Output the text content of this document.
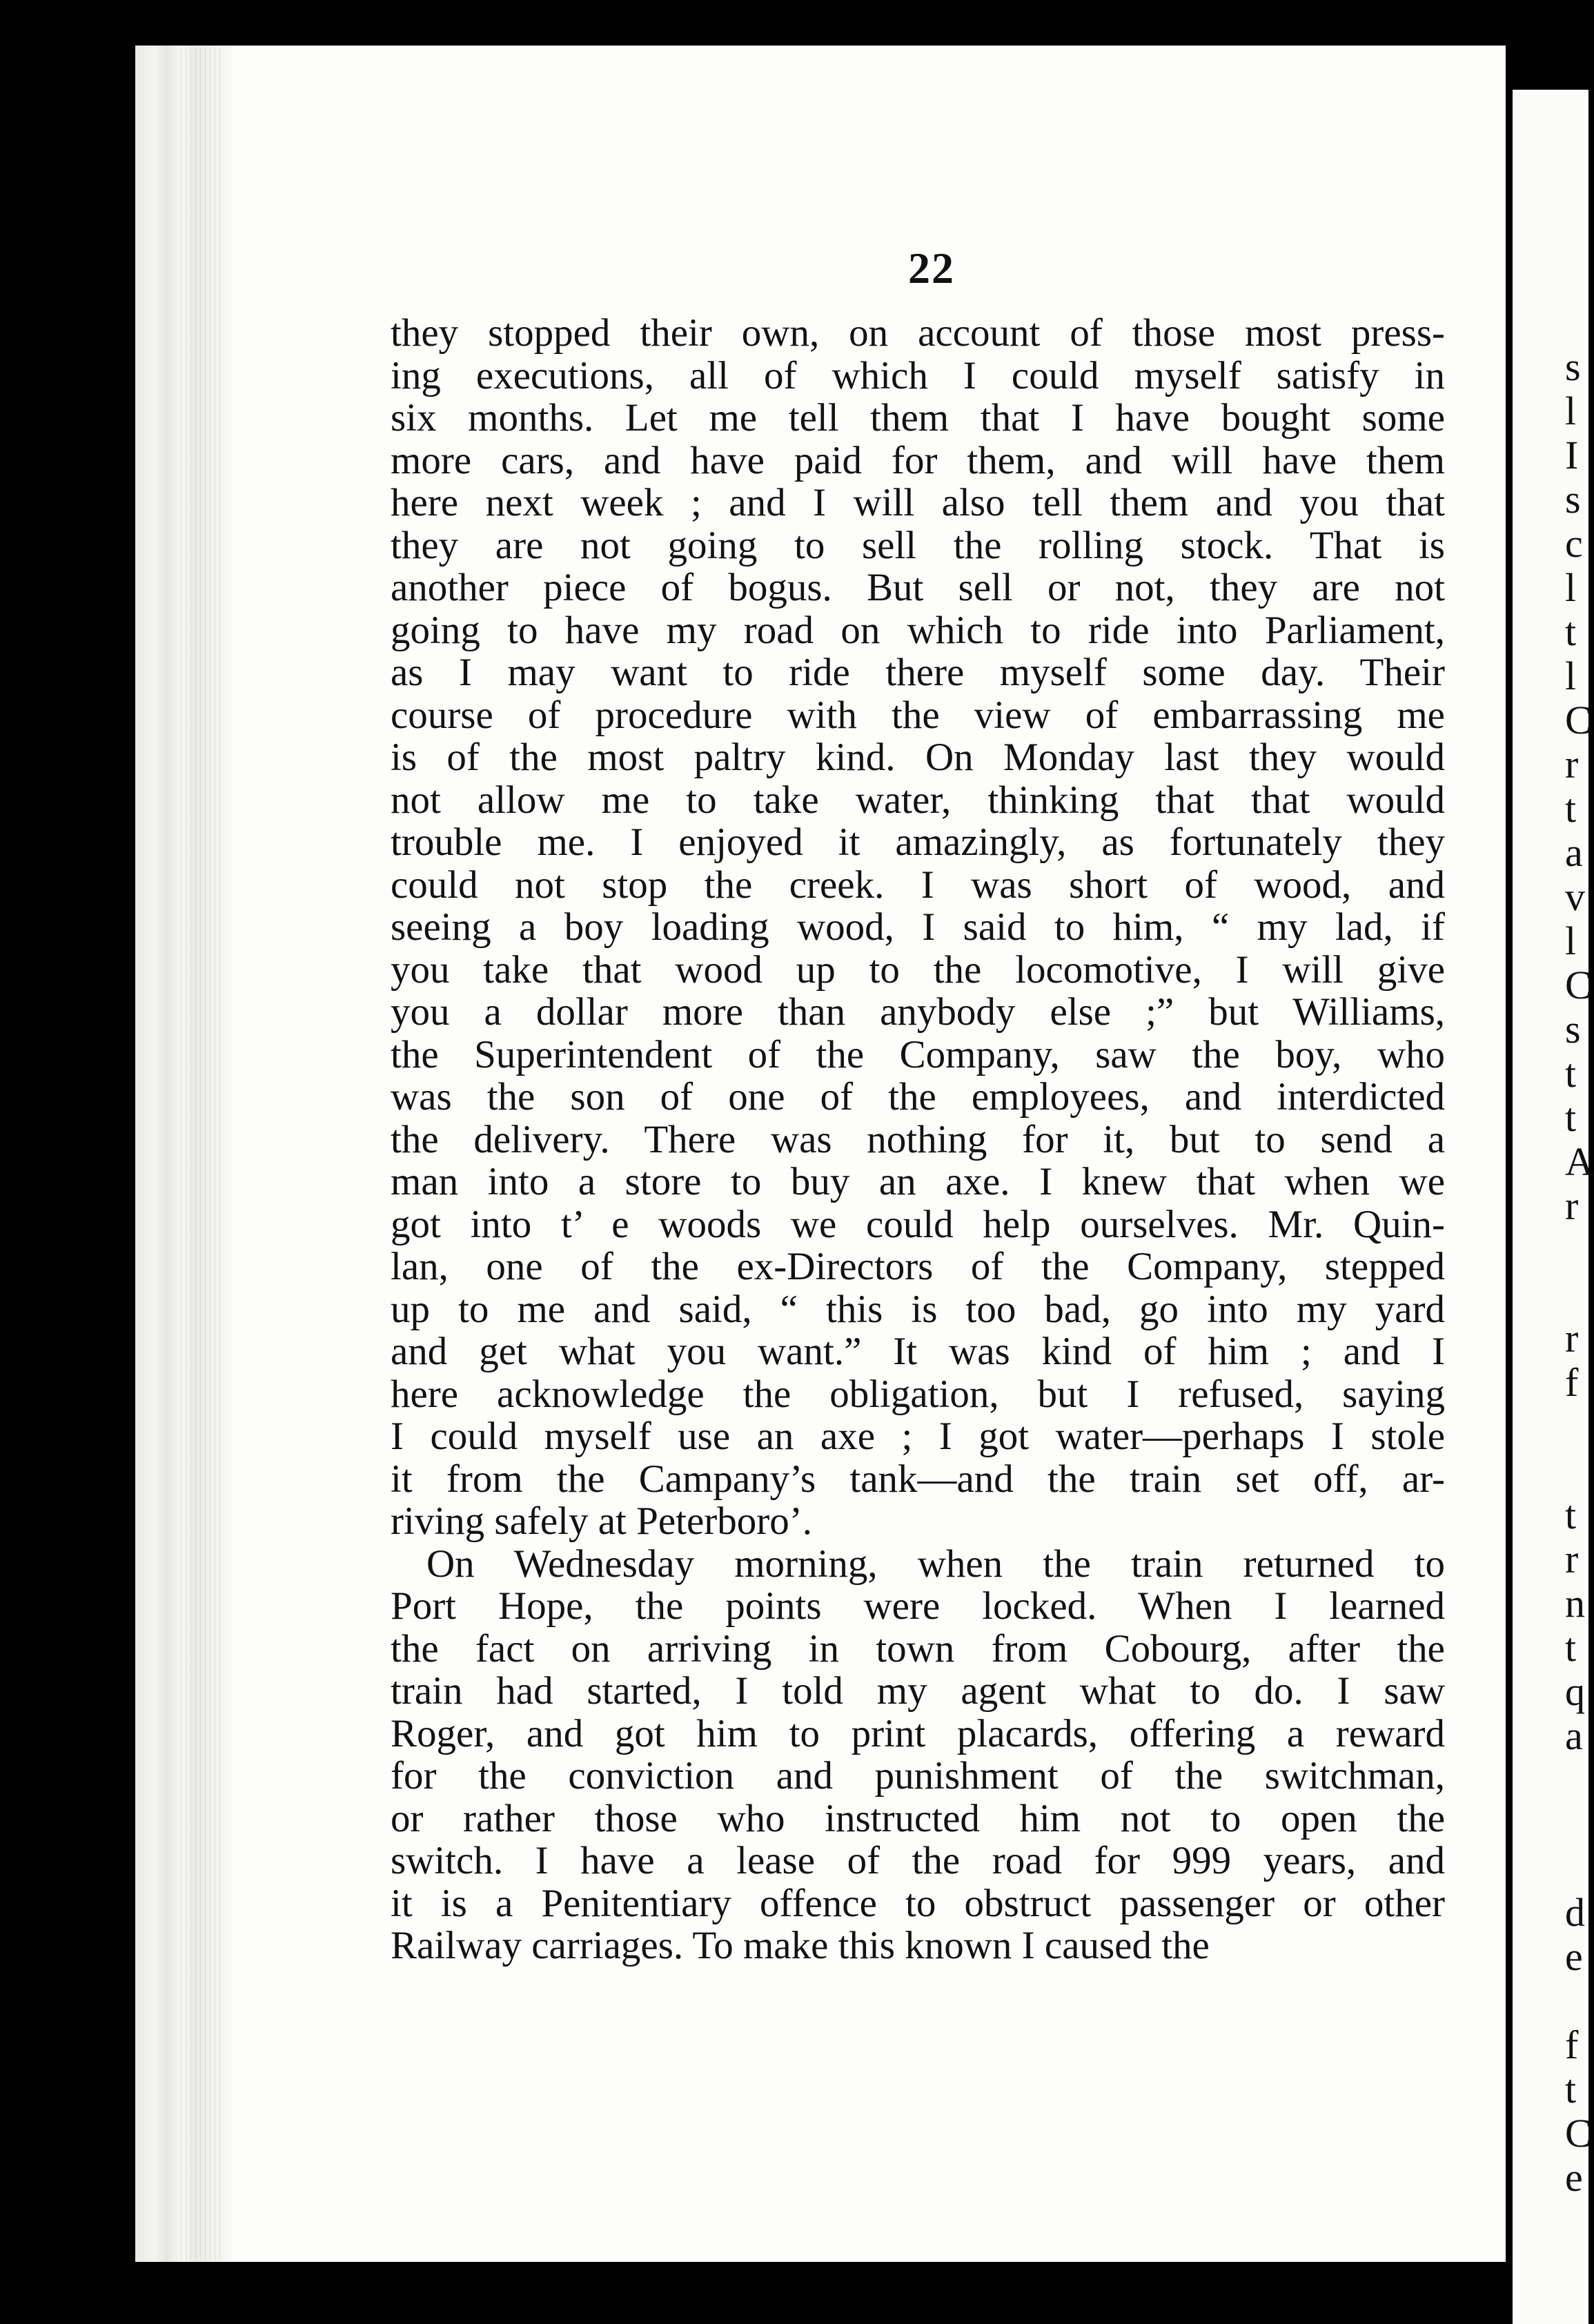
s
l
I
s
c
l
t
l
C
r
t
a
v
l
C
s
t
t
A
r

r
f

t
r
n
t
q
a

d
e

f
t
C
e
22
they stopped their own, on account of those most press-
ing executions, all of which I could myself satisfy in
six months. Let me tell them that I have bought some
more cars, and have paid for them, and will have them
here next week ; and I will also tell them and you that
they are not going to sell the rolling stock. That is
another piece of bogus. But sell or not, they are not
going to have my road on which to ride into Parliament,
as I may want to ride there myself some day. Their
course of procedure with the view of embarrassing me
is of the most paltry kind. On Monday last they would
not allow me to take water, thinking that that would
trouble me. I enjoyed it amazingly, as fortunately they
could not stop the creek. I was short of wood, and
seeing a boy loading wood, I said to him, “ my lad, if
you take that wood up to the locomotive, I will give
you a dollar more than anybody else ;” but Williams,
the Superintendent of the Company, saw the boy, who
was the son of one of the employees, and interdicted
the delivery. There was nothing for it, but to send a
man into a store to buy an axe. I knew that when we
got into t’ e woods we could help ourselves. Mr. Quin-
lan, one of the ex-Directors of the Company, stepped
up to me and said, “ this is too bad, go into my yard
and get what you want.” It was kind of him ; and I
here acknowledge the obligation, but I refused, saying
I could myself use an axe ; I got water—perhaps I stole
it from the Campany’s tank—and the train set off, ar-
riving safely at Peterboro’.
On Wednesday morning, when the train returned to
Port Hope, the points were locked. When I learned
the fact on arriving in town from Cobourg, after the
train had started, I told my agent what to do. I saw
Roger, and got him to print placards, offering a reward
for the conviction and punishment of the switchman,
or rather those who instructed him not to open the
switch. I have a lease of the road for 999 years, and
it is a Penitentiary offence to obstruct passenger or other
Railway carriages. To make this known I caused the
